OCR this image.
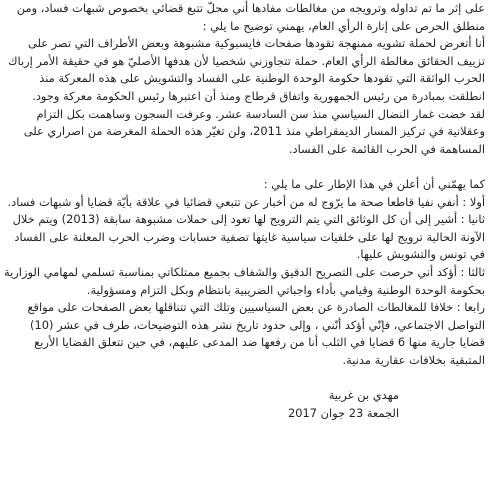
على إثر ما تم تداوله وترويجه من مغالطات مفادها أني محلّ تتبع قضائي بخصوص شبهات فساد، ومن منطلق الحرص على إنارة الرأي العام، يهمني توضيح ما يلي :

أنا أتعرض لحملة تشويه ممنهجة تقودها صفحات فايسبوكية مشبوهة وبعض الأطراف التي تصر على تزييف الحقائق مغالطة الرأي العام. حملة تتجاوزني شخصيا لأن هدفها الأصليّ هو في حقيقة الأمر إرباك الحرب الواثقة التي تقودها حكومة الوحدة الوطنية على الفساد والتشويش على هذه المعركة منذ انطلقت بمبادرة من رئيس الجمهورية واتفاق قرطاج ومنذ أن اعتبرها رئيس الحكومة معركة وجود.

لقد خضت غمار النضال السياسي منذ سن السادسة عشر. وعرفت السجون وساهمت بكل التزام وعقلانية في تركيز المسار الديمقراطي منذ 2011، ولن تغيّر هذه الحملة المغرضة من اصراري على المساهمة في الحرب القائمة على الفساد.

كما يهمّني أن أعلن في هذا الإطار على ما يلي :

أولا : أنفي نفيا قاطعا صحة ما يرّوج له من أخبار عن تتبعي قضائيا في علاقة بأيّة قضايا أو شبهات فساد.

ثانيا : أشير إلى أن كل الوثائق التي يتم الترويج لها تعود إلى حملات مشبوهة سابقة (2013) ويتم خلال الآونة الحالية ترويج لها على خلفيات سياسية غايتها تصفية حسابات وضرب الحرب المعلنة على الفساد في تونس والتشويش عليها.

ثالثا : أؤكد أني حرصت على التصريح الدقيق والشفاف بجميع ممتلكاتي بمناسبة تسلمي لمهامي الوزارية بحكومة الوحدة الوطنية وقيامي بأداء واجباتي الضريبية بانتظام وبكل التزام ومسؤولية.

رابعا : خلافا للمغالطات الصادرة عن بعض السياسيين وتلك التي تتناقلها بعض الصفحات على مواقع التواصل الاجتماعي، فإنّي أؤكد أنّني ، وإلى حدود تاريخ نشر هذه التوضيحات، طرف في عشر (10) قضايا جارية منها 6 قضايا في الثلب أنا من رفعها ضد المدعى عليهم، في حين تتعلق القضايا الأربع المتبقية بخلافات عقارية مدنية.

مهدي بن غربية

الجمعة 23 جوان 2017
